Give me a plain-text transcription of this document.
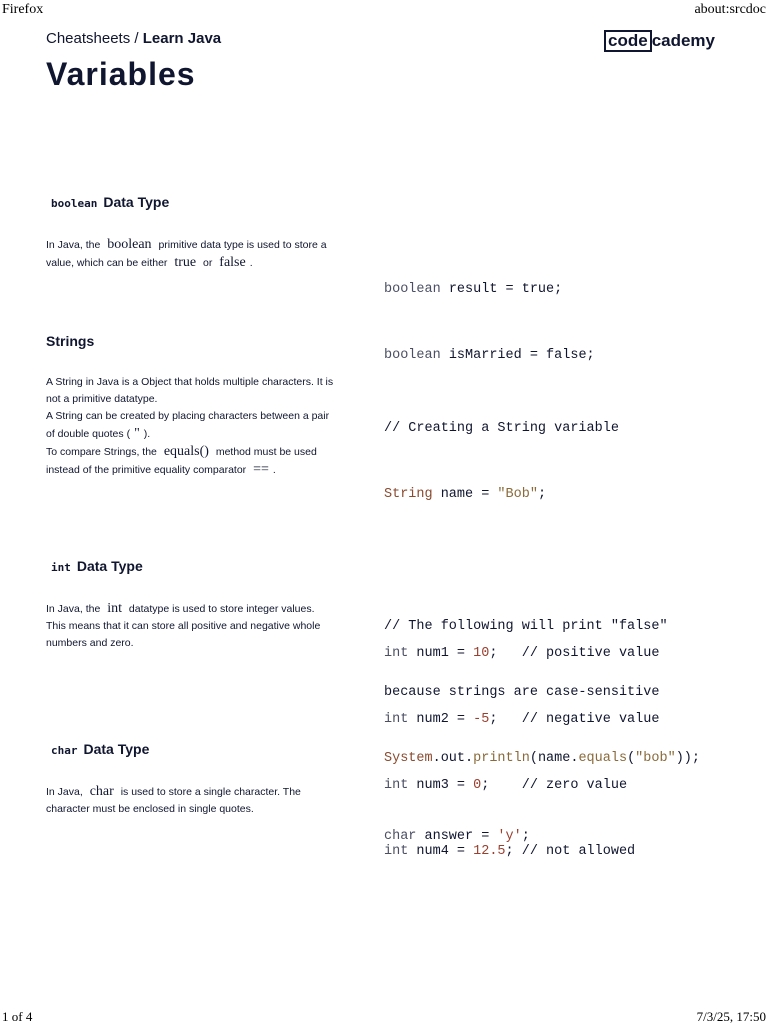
Firefox	about:srcdoc
1 of 4	7/3/25, 17:50
Cheatsheets / Learn Java	code cademy
Variables
boolean Data Type
In Java, the boolean primitive data type is used to store a value, which can be either true or false .

boolean result = true;

boolean isMarried = false;

Strings
A String in Java is a Object that holds multiple characters. It is not a primitive datatype.
A String can be created by placing characters between a pair of double quotes ( " ).
To compare Strings, the equals() method must be used instead of the primitive equality comparator == .

// Creating a String variable

String name = "Bob";

// The following will print "false"

because strings are case-sensitive

System.out.println(name.equals("bob"));

int Data Type
In Java, the int datatype is used to store integer values. This means that it can store all positive and negative whole numbers and zero.

int num1 = 10;   // positive value

int num2 = -5;   // negative value

int num3 = 0;    // zero value

int num4 = 12.5; // not allowed

char Data Type
In Java, char is used to store a single character. The character must be enclosed in single quotes.

char answer = 'y';
